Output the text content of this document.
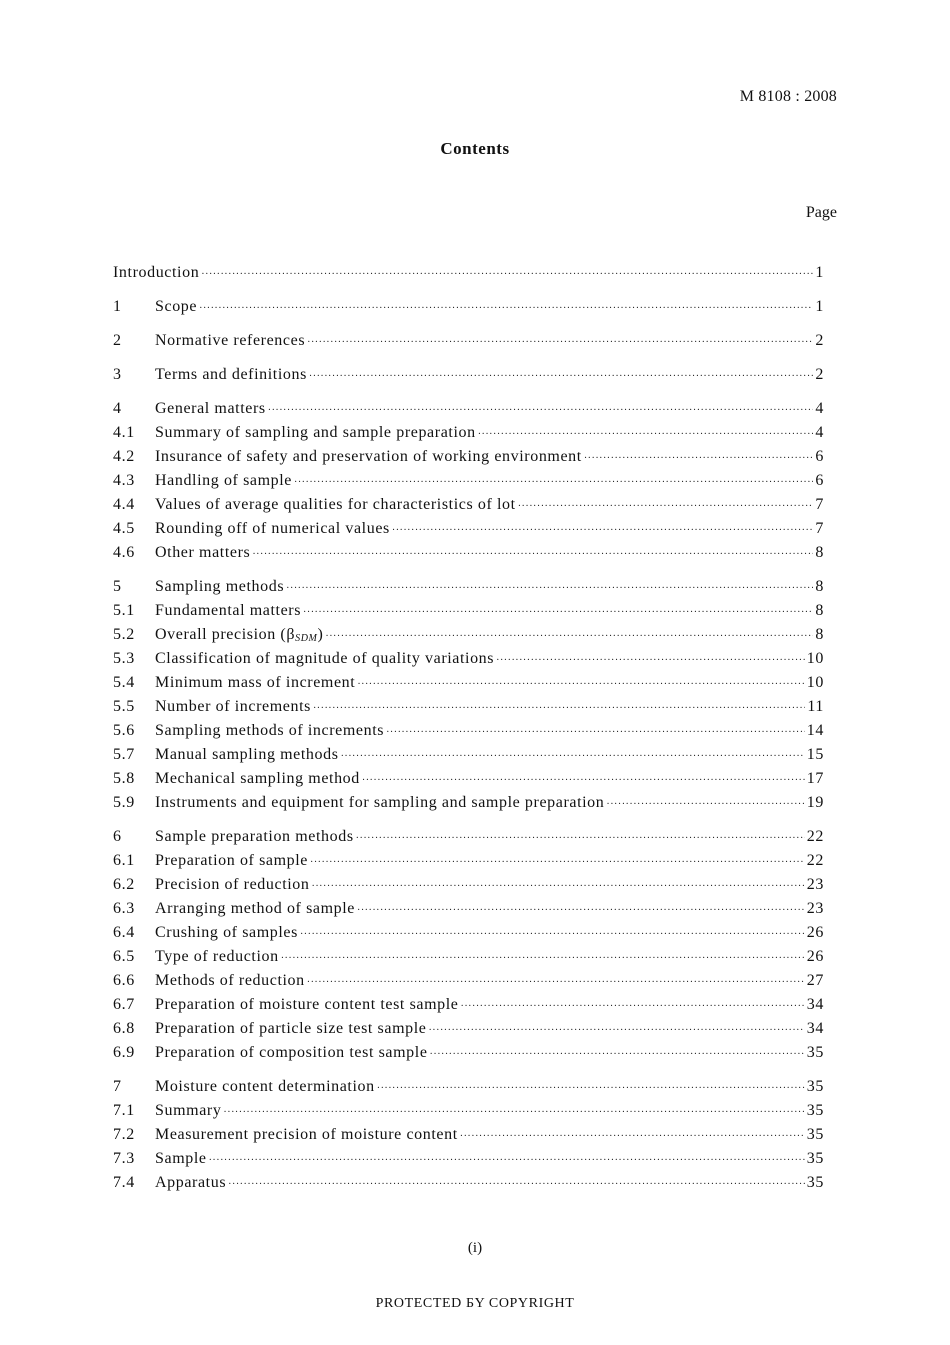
M 8108 : 2008
Contents
Page
Introduction ·····	1
1	Scope ·····	1
2	Normative references ·····	2
3	Terms and definitions ·····	2
4	General matters ·····	4
4.1	Summary of sampling and sample preparation ·····	4
4.2	Insurance of safety and preservation of working environment ·····	6
4.3	Handling of sample ·····	6
4.4	Values of average qualities for characteristics of lot ·····	7
4.5	Rounding off of numerical values ·····	7
4.6	Other matters ·····	8
5	Sampling methods ·····	8
5.1	Fundamental matters ·····	8
5.2	Overall precision $(\beta_{SDM})$ ·····	8
5.3	Classification of magnitude of quality variations ·····	10
5.4	Minimum mass of increment ·····	10
5.5	Number of increments ·····	11
5.6	Sampling methods of increments ·····	14
5.7	Manual sampling methods ·····	15
5.8	Mechanical sampling method ·····	17
5.9	Instruments and equipment for sampling and sample preparation ·····	19
6	Sample preparation methods ·····	22
6.1	Preparation of sample ·····	22
6.2	Precision of reduction ·····	23
6.3	Arranging method of sample ·····	23
6.4	Crushing of samples ·····	26
6.5	Type of reduction ·····	26
6.6	Methods of reduction ·····	27
6.7	Preparation of moisture content test sample ·····	34
6.8	Preparation of particle size test sample ·····	34
6.9	Preparation of composition test sample ·····	35
7	Moisture content determination ·····	35
7.1	Summary ·····	35
7.2	Measurement precision of moisture content ·····	35
7.3	Sample ·····	35
7.4	Apparatus ·····	35
(i)
PROTECTED БY COPYRIGHT
